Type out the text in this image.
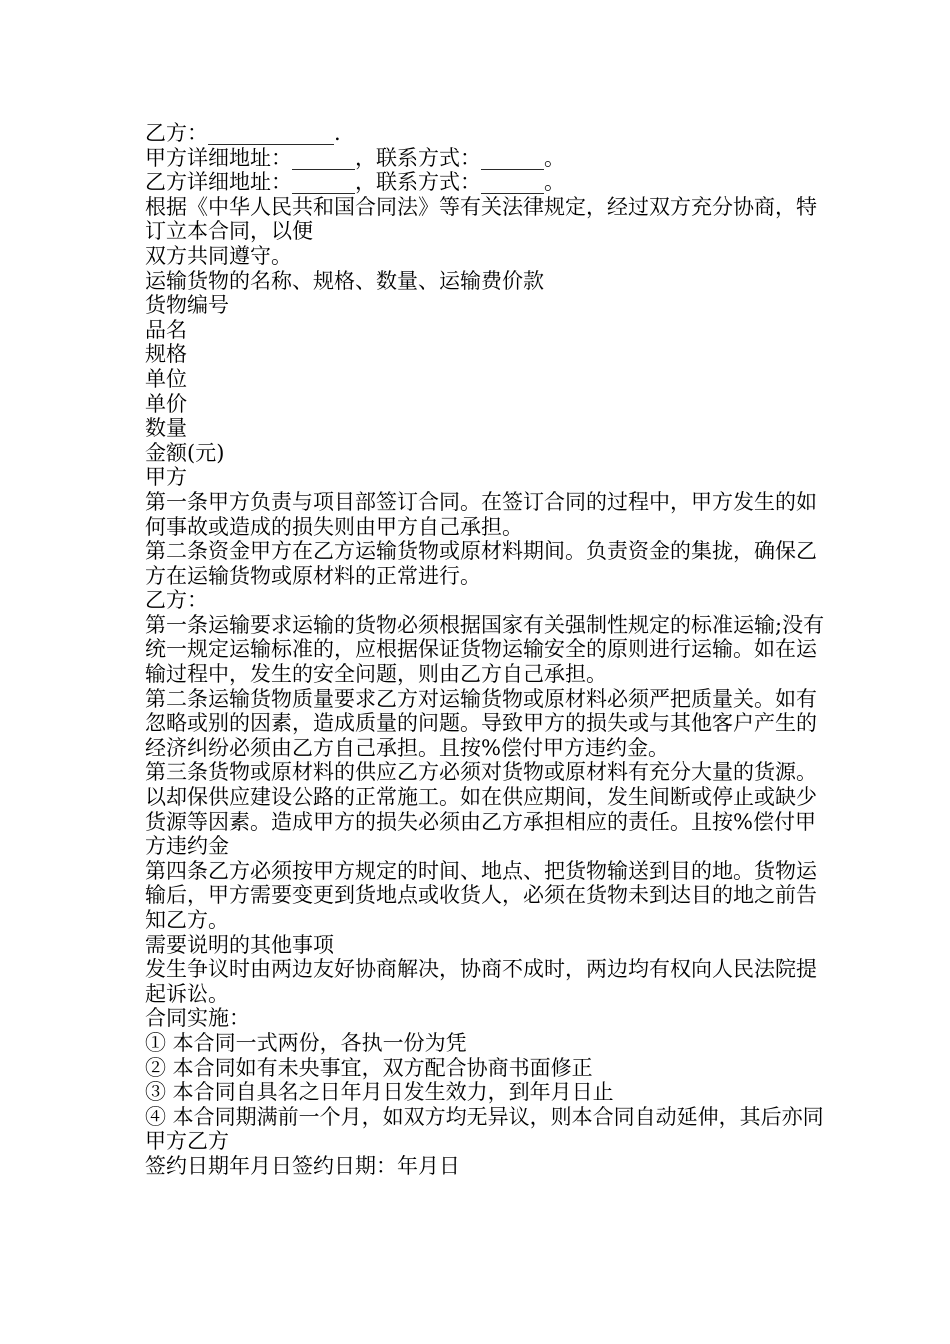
乙方：____________.

甲方详细地址：______，联系方式：______。

乙方详细地址：______，联系方式：______。

根据《中华人民共和国合同法》等有关法律规定，经过双方充分协商，特订立本合同，以便

双方共同遵守。

运输货物的名称、规格、数量、运输费价款

货物编号

品名

规格

单位

单价

数量

金额(元)

甲方

第一条甲方负责与项目部签订合同。在签订合同的过程中，甲方发生的如何事故或造成的损失则由甲方自己承担。

第二条资金甲方在乙方运输货物或原材料期间。负责资金的集拢，确保乙方在运输货物或原材料的正常进行。

乙方：

第一条运输要求运输的货物必须根据国家有关强制性规定的标准运输;没有统一规定运输标准的，应根据保证货物运输安全的原则进行运输。如在运输过程中，发生的安全问题，则由乙方自己承担。

第二条运输货物质量要求乙方对运输货物或原材料必须严把质量关。如有忽略或别的因素，造成质量的问题。导致甲方的损失或与其他客户产生的经济纠纷必须由乙方自己承担。且按%偿付甲方违约金。

第三条货物或原材料的供应乙方必须对货物或原材料有充分大量的货源。以却保供应建设公路的正常施工。如在供应期间，发生间断或停止或缺少货源等因素。造成甲方的损失必须由乙方承担相应的责任。且按%偿付甲方违约金

第四条乙方必须按甲方规定的时间、地点、把货物输送到目的地。货物运输后，甲方需要变更到货地点或收货人，必须在货物未到达目的地之前告知乙方。

需要说明的其他事项

发生争议时由两边友好协商解决，协商不成时，两边均有权向人民法院提起诉讼。

合同实施：

① 本合同一式两份，各执一份为凭

② 本合同如有未央事宜，双方配合协商书面修正

③ 本合同自具名之日年月日发生效力，到年月日止

④ 本合同期满前一个月，如双方均无异议，则本合同自动延伸，其后亦同

甲方乙方

签约日期年月日签约日期：年月日
